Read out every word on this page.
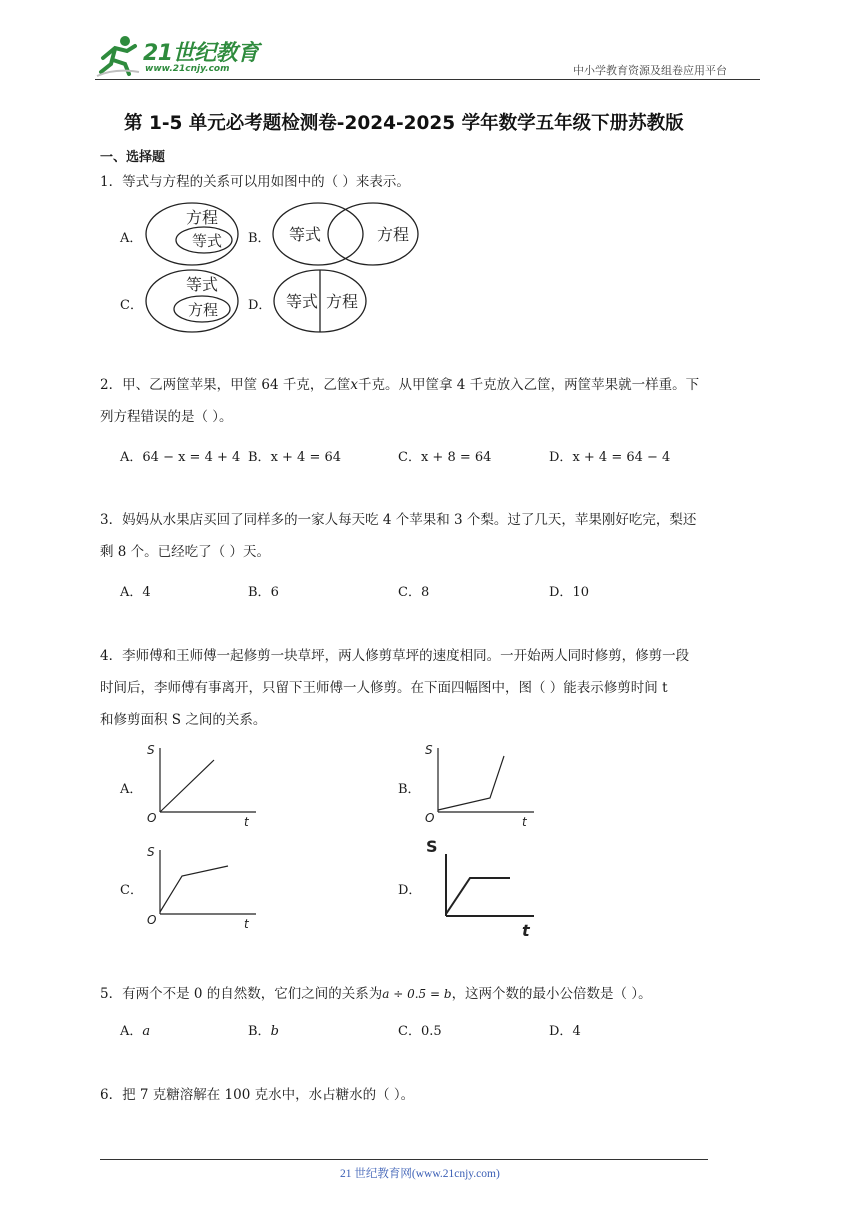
21世纪教育
www.21cnjy.com	中小学教育资源及组卷应用平台
第 1-5 单元必考题检测卷-2024-2025 学年数学五年级下册苏教版
一、选择题
1．等式与方程的关系可以用如图中的（ ）来表示。
A．
方程
等式 B． 等式	方程
C．
等式
方程 D． 等式 方程
2．甲、乙两筐苹果，甲筐 64 千克，乙筐x千克。从甲筐拿 4 千克放入乙筐，两筐苹果就一样重。下
列方程错误的是（ ）。
A．64 − x = 4 + 4 B．x + 4 = 64	C．x + 8 = 64	D．x + 4 = 64 − 4
3．妈妈从水果店买回了同样多的一家人每天吃 4 个苹果和 3 个梨。过了几天，苹果刚好吃完，梨还
剩 8 个。已经吃了（ ）天。
A．4	B．6	C．8	D．10
4．李师傅和王师傅一起修剪一块草坪，两人修剪草坪的速度相同。一开始两人同时修剪，修剪一段
时间后，李师傅有事离开，只留下王师傅一人修剪。在下面四幅图中，图（ ）能表示修剪时间 t
和修剪面积 S 之间的关系。
A．
S
O	t
B．
S
O	t
C．
S
O	t
D．
S
t
5．有两个不是 0 的自然数，它们之间的关系为a ÷ 0.5 = b，这两个数的最小公倍数是（ ）。
A．a	B．b	C．0.5	D．4
6．把 7 克糖溶解在 100 克水中，水占糖水的（ ）。
21 世纪教育网(www.21cnjy.com)
